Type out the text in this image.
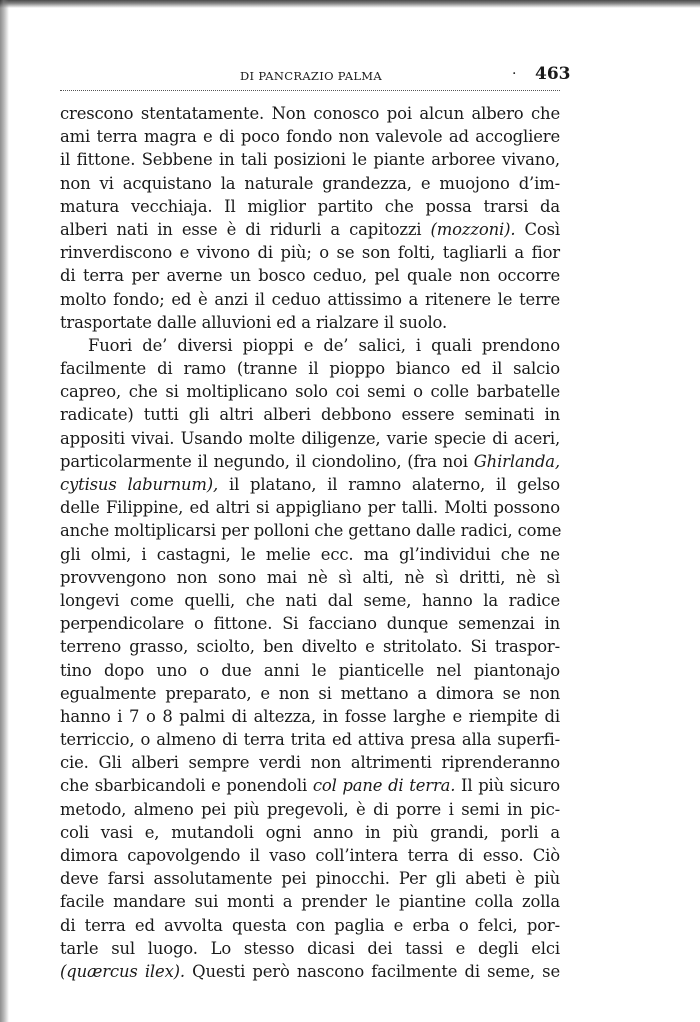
DI PANCRAZIO PALMA	· 463
crescono stentatamente. Non conosco poi alcun albero che
ami terra magra e di poco fondo non valevole ad accogliere
il fittone. Sebbene in tali posizioni le piante arboree vivano,
non vi acquistano la naturale grandezza, e muojono d’im-
matura vecchiaja. Il miglior partito che possa trarsi da
alberi nati in esse è di ridurli a capitozzi (mozzoni). Così
rinverdiscono e vivono di più; o se son folti, tagliarli a fior
di terra per averne un bosco ceduo, pel quale non occorre
molto fondo; ed è anzi il ceduo attissimo a ritenere le terre
trasportate dalle alluvioni ed a rialzare il suolo.
Fuori de’ diversi pioppi e de’ salici, i quali prendono
facilmente di ramo (tranne il pioppo bianco ed il salcio
capreo, che si moltiplicano solo coi semi o colle barbatelle
radicate) tutti gli altri alberi debbono essere seminati in
appositi vivai. Usando molte diligenze, varie specie di aceri,
particolarmente il negundo, il ciondolino, (fra noi Ghirlanda,
cytisus laburnum), il platano, il ramno alaterno, il gelso
delle Filippine, ed altri si appigliano per talli. Molti possono
anche moltiplicarsi per polloni che gettano dalle radici, come
gli olmi, i castagni, le melie ecc. ma gl’individui che ne
provvengono non sono mai nè sì alti, nè sì dritti, nè sì
longevi come quelli, che nati dal seme, hanno la radice
perpendicolare o fittone. Si facciano dunque semenzai in
terreno grasso, sciolto, ben divelto e stritolato. Si traspor-
tino dopo uno o due anni le pianticelle nel piantonajo
egualmente preparato, e non si mettano a dimora se non
hanno i 7 o 8 palmi di altezza, in fosse larghe e riempite di
terriccio, o almeno di terra trita ed attiva presa alla superfi-
cie. Gli alberi sempre verdi non altrimenti riprenderanno
che sbarbicandoli e ponendoli col pane di terra. Il più sicuro
metodo, almeno pei più pregevoli, è di porre i semi in pic-
coli vasi e, mutandoli ogni anno in più grandi, porli a
dimora capovolgendo il vaso coll’intera terra di esso. Ciò
deve farsi assolutamente pei pinocchi. Per gli abeti è più
facile mandare sui monti a prender le piantine colla zolla
di terra ed avvolta questa con paglia e erba o felci, por-
tarle sul luogo. Lo stesso dicasi dei tassi e degli elci
(quærcus ilex). Questi però nascono facilmente di seme, se
